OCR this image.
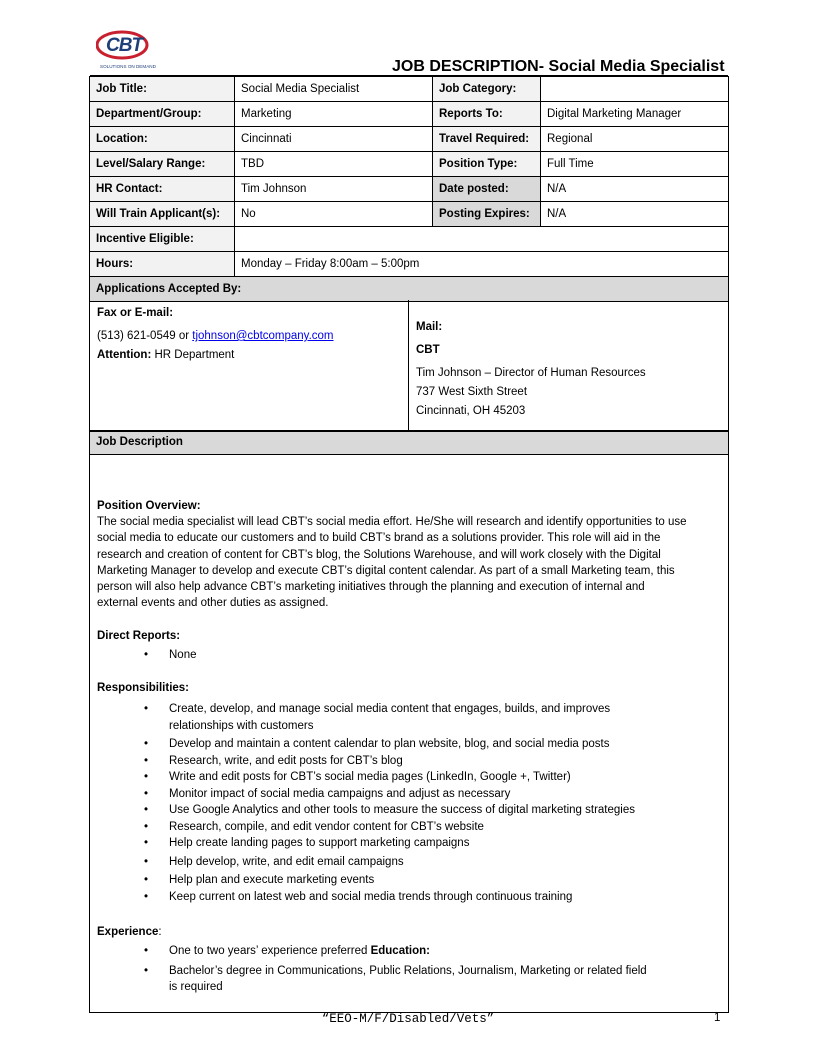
CBT
SOLUTIONS ON DEMAND	JOB DESCRIPTION- Social Media Specialist
Job Title:	Social Media Specialist	Job Category:	
Department/Group:	Marketing	Reports To:	Digital Marketing Manager
Location:	Cincinnati	Travel Required:	Regional
Level/Salary Range:	TBD	Position Type:	Full Time
HR Contact:	Tim Johnson	Date posted:	N/A
Will Train Applicant(s):	No	Posting Expires:	N/A
Incentive Eligible:			
Hours:	Monday – Friday 8:00am – 5:00pm		
Applications Accepted By:			

Fax or E-mail:

(513) 621-0549 or tjohnson@cbtcompany.com

Attention: HR Department

Mail:

CBT

Tim Johnson – Director of Human Resources

737 West Sixth Street

Cincinnati, OH 45203

Job Description
Position Overview:

The social media specialist will lead CBT’s social media effort. He/She will research and identify opportunities to use

social media to educate our customers and to build CBT’s brand as a solutions provider. This role will aid in the

research and creation of content for CBT’s blog, the Solutions Warehouse, and will work closely with the Digital

Marketing Manager to develop and execute CBT’s digital content calendar. As part of a small Marketing team, this

person will also help advance CBT’s marketing initiatives through the planning and execution of internal and

external events and other duties as assigned.

Direct Reports:
• None
Responsibilities:
• Create, develop, and manage social media content that engages, builds, and improves relationships with customers
• Develop and maintain a content calendar to plan website, blog, and social media posts
• Research, write, and edit posts for CBT’s blog
• Write and edit posts for CBT’s social media pages (LinkedIn, Google +, Twitter)
• Monitor impact of social media campaigns and adjust as necessary
• Use Google Analytics and other tools to measure the success of digital marketing strategies
• Research, compile, and edit vendor content for CBT’s website
• Help create landing pages to support marketing campaigns
• Help develop, write, and edit email campaigns
• Help plan and execute marketing events
• Keep current on latest web and social media trends through continuous training
Experience:
• One to two years’ experience preferred Education:
• Bachelor’s degree in Communications, Public Relations, Journalism, Marketing or related field is required
“EEO-M/F/Disabled/Vets”	1
